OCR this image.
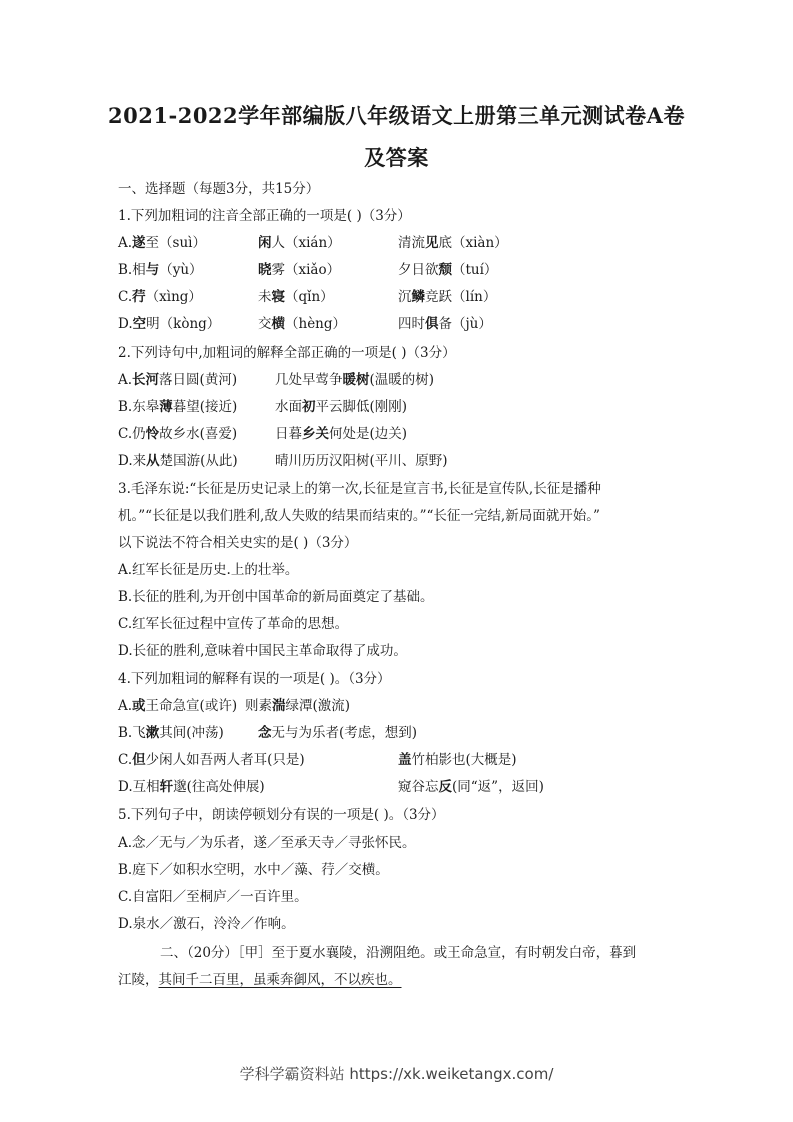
2021-2022学年部编版八年级语文上册第三单元测试卷A卷
及答案
一、选择题（每题3分，共15分）
1.下列加粗词的注音全部正确的一项是( )（3分）
A.遂至（suì）	闲人（xián）	清流见底（xiàn）
B.相与（yù）	晓雾（xiǎo）	夕日欲颓（tuí）
C.荇（xìng）	未寝（qǐn）	沉鳞竞跃（lín）
D.空明（kòng）	交横（hèng）	四时俱备（jù）
2.下列诗句中,加粗词的解释全部正确的一项是( )（3分）
A.长河落日圆(黄河)	几处早莺争暖树(温暖的树)
B.东皋薄暮望(接近)	水面初平云脚低(刚刚)
C.仍怜故乡水(喜爱)	日暮乡关何处是(边关)
D.来从楚国游(从此)	晴川历历汉阳树(平川、原野)
3.毛泽东说:“长征是历史记录上的第一次,长征是宣言书,长征是宣传队,长征是播种
机。”“长征是以我们胜利,敌人失败的结果而结束的。”“长征一完结,新局面就开始。”
以下说法不符合相关史实的是( )（3分）
A.红军长征是历史.上的壮举。
B.长征的胜利,为开创中国革命的新局面奠定了基础。
C.红军长征过程中宣传了革命的思想。
D.长征的胜利,意味着中国民主革命取得了成功。
4.下列加粗词的解释有误的一项是( )。（3分）
A.或王命急宣(或许) 则素湍绿潭(激流)
B.飞漱其间(冲荡)	念无与为乐者(考虑，想到)
C.但少闲人如吾两人者耳(只是)	盖竹柏影也(大概是)
D.互相轩邈(往高处伸展)	窥谷忘反(同“返”，返回)
5.下列句子中，朗读停顿划分有误的一项是( )。（3分）
A.念／无与／为乐者，遂／至承天寺／寻张怀民。
B.庭下／如积水空明，水中／藻、荇／交横。
C.自富阳／至桐庐／一百许里。
D.泉水／激石，泠泠／作响。
二、（20分）［甲］至于夏水襄陵，沿溯阻绝。或王命急宣，有时朝发白帝，暮到
江陵，其间千二百里，虽乘奔御风，不以疾也。
学科学霸资料站 https://xk.weiketangx.com/
